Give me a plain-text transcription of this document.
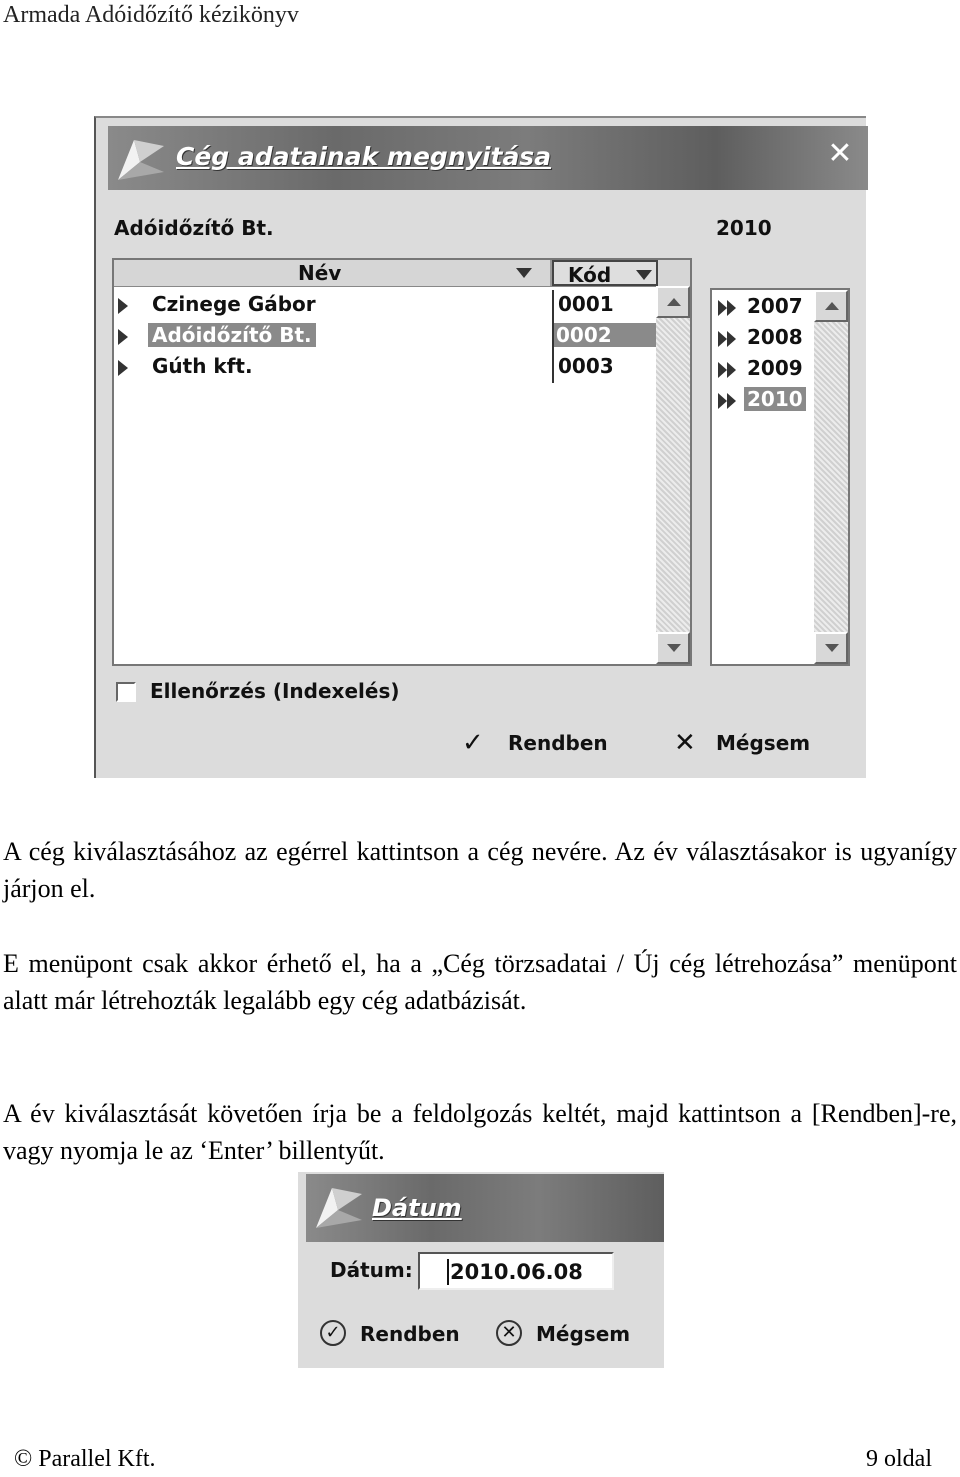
Armada Adóidőzítő kézikönyv
Cég adatainak megnyitása	✕
Adóidőzítő Bt.	2010
Név	Kód
Czinege Gábor	0001
Adóidőzítő Bt.	0002
Gúth kft.	0003
2007
2008
2009
2010
Ellenőrzés (Indexelés)
✓ Rendben	✕ Mégsem
A cég kiválasztásához az egérrel kattintson a cég nevére. Az év választásakor is ugyanígy járjon el.
E menüpont csak akkor érhető el, ha a „Cég törzsadatai / Új cég létrehozása” menüpont alatt már létrehozták legalább egy cég adatbázisát.
A év kiválasztását követően írja be a feldolgozás keltét, majd kattintson a [Rendben]-re, vagy nyomja le az ‘Enter’ billentyűt.
Dátum
Dátum:	2010.06.08
✓ Rendben	✕ Mégsem
© Parallel Kft.	9 oldal
